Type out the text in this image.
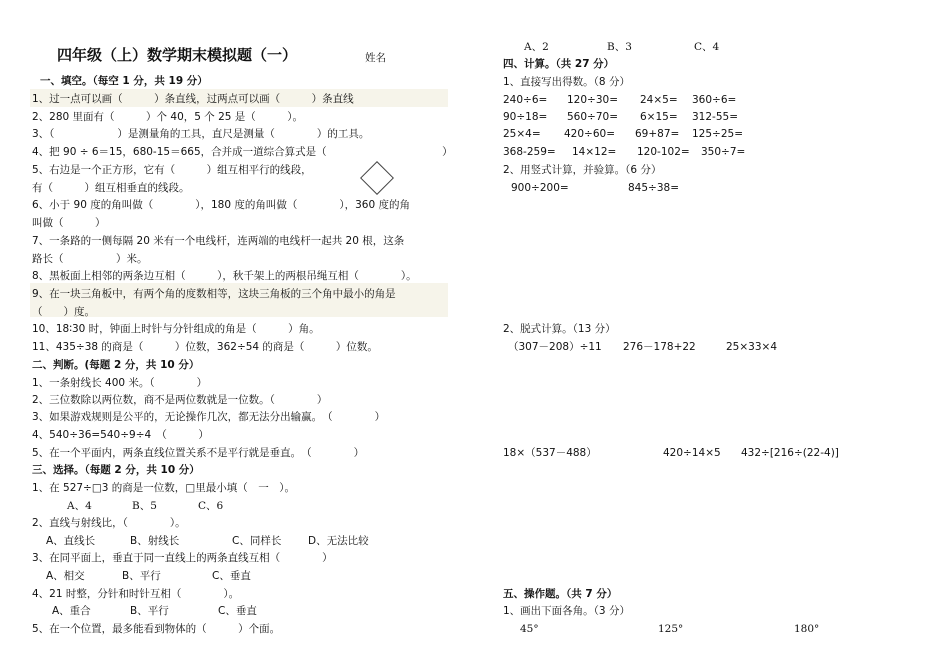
四年级（上）数学期末模拟题（一）	姓名
一、填空。（每空 1 分，共 19 分）
1、过一点可以画（　　　）条直线，过两点可以画（　　　）条直线
2、280 里面有（　　　）个 40，5 个 25 是（　　　）。
3、（　　　　　　）是测量角的工具，直尺是测量（　　　　）的工具。
4、把 90 ÷ 6＝15，680-15＝665，合并成一道综合算式是（　　　　　　　　　　　）
5、右边是一个正方形，它有（　　　）组互相平行的线段，
有（　　　）组互相垂直的线段。
6、小于 90 度的角叫做（　　　　），180 度的角叫做（　　　　），360 度的角
叫做（　　　）
7、一条路的一侧每隔 20 米有一个电线杆，连两端的电线杆一起共 20 根，这条
路长（　　　　　）米。
8、黑板面上相邻的两条边互相（　　　），秋千架上的两根吊绳互相（　　　　）。
9、在一块三角板中，有两个角的度数相等，这块三角板的三个角中最小的角是
（　　）度。
10、18∶30 时，钟面上时针与分针组成的角是（　　　）角。
11、435÷38 的商是（　　　）位数，362÷54 的商是（　　　）位数。
二、判断。(每题 2 分，共 10 分）
1、一条射线长 400 米。（　　　　）
2、三位数除以两位数，商不是两位数就是一位数。（　　　　）
3、如果游戏规则是公平的，无论操作几次，都无法分出输赢。　（　　　　）
4、540÷36=540÷9÷4　（　　　）
5、在一个平面内，两条直线位置关系不是平行就是垂直。　（　　　　）
三、选择。（每题 2 分，共 10 分）
1、在 527÷□3 的商是一位数，□里最小填（　一　）。
A、4	B、5	C、6
2、直线与射线比，（　　　　）。
A、直线长	B、射线长	C、同样长	D、无法比较
3、在同平面上，垂直于同一直线上的两条直线互相（　　　　）
A、相交	B、平行	C、垂直
4、21 时整，分针和时针互相（　　　　）。
A、重合	B、平行	C、垂直
5、在一个位置，最多能看到物体的（　　　）个面。
A、2	B、3	C、4
四、计算。（共 27 分）
1、直接写出得数。（8 分）
240÷6= 120÷30= 24×5= 360÷6=
90÷18= 560÷70= 6×15= 312-55=
25×4= 420÷60= 69+87= 125÷25=
368-259= 14×12= 120-102= 350÷7=
2、用竖式计算，并验算。（6 分）
900÷200=	845÷38=
2、脱式计算。（13 分）
（307－208）÷11 276－178+22	25×33×4
18×（537－488）	420÷14×5 432÷[216÷(22-4)]
五、操作题。（共 7 分）
1、画出下面各角。（3 分）
45°	125°	180°
